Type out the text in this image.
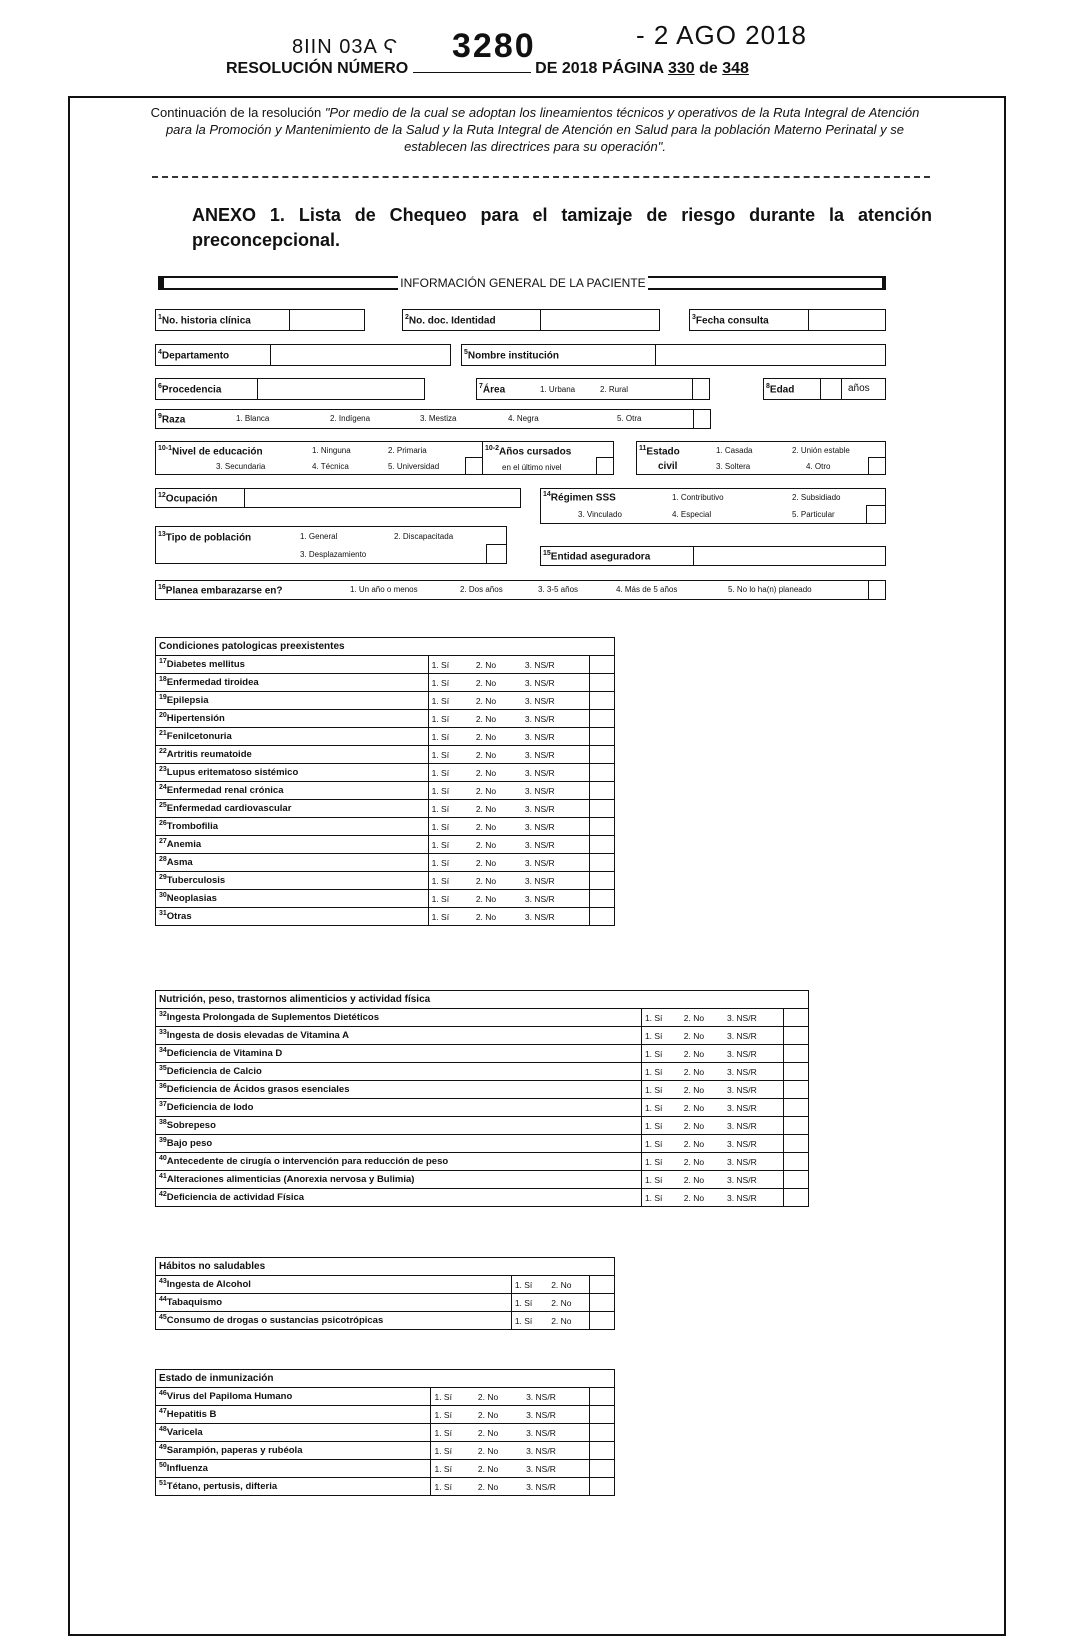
8ΙΙΝ 03Α Ϛ 3280	- 2 AGO 2018
RESOLUCIÓN NÚMERO	DE 2018 PÁGINA 330 de 348
Continuación de la resolución "Por medio de la cual se adoptan los lineamientos técnicos y operativos de la Ruta Integral de Atención para la Promoción y Mantenimiento de la Salud y la Ruta Integral de Atención en Salud para la población Materno Perinatal y se establecen las directrices para su operación".
ANEXO 1. Lista de Chequeo para el tamizaje de riesgo durante la atención preconcepcional.
INFORMACIÓN GENERAL DE LA PACIENTE
$^1$No. historia clínica	$^2$No. doc. Identidad	$^3$Fecha consulta
$^4$Departamento	$^5$Nombre institución
$^6$Procedencia	$^7$Área	1. Urbana	2. Rural	$^8$Edad	años
$^9$Raza	1. Blanca	2. Indígena	3. Mestiza	4. Negra	5. Otra
$^{10-1}$Nivel de educación	1. Ninguna	2. Primaria
3. Secundaria	4. Técnica	5. Universidad
$^{10-2}$Años cursados
en el último nivel
$^{11}$Estado
civil
1. Casada	2. Unión estable
3. Soltera	4. Otro
$^{12}$Ocupación	$^{14}$Régimen SSS	1. Contributivo	2. Subsidiado
3. Vinculado	4. Especial	5. Particular
$^{13}$Tipo de población	1. General	2. Discapacitada
3. Desplazamiento	$^{15}$Entidad aseguradora
$^{16}$Planea embarazarse en?	1. Un año o menos	2. Dos años	3. 3-5 años	4. Más de 5 años	5. No lo ha(n) planeado
Condiciones patologicas preexistentes				
$^{17}$Diabetes mellitus	1. Sí	2. No	3. NS/R	
$^{18}$Enfermedad tiroidea	1. Sí	2. No	3. NS/R	
$^{19}$Epilepsia	1. Sí	2. No	3. NS/R	
$^{20}$Hipertensión	1. Sí	2. No	3. NS/R	
$^{21}$Fenilcetonuria	1. Sí	2. No	3. NS/R	
$^{22}$Artritis reumatoide	1. Sí	2. No	3. NS/R	
$^{23}$Lupus eritematoso sistémico	1. Sí	2. No	3. NS/R	
$^{24}$Enfermedad renal crónica	1. Sí	2. No	3. NS/R	
$^{25}$Enfermedad cardiovascular	1. Sí	2. No	3. NS/R	
$^{26}$Trombofilia	1. Sí	2. No	3. NS/R	
$^{27}$Anemia	1. Sí	2. No	3. NS/R	
$^{28}$Asma	1. Sí	2. No	3. NS/R	
$^{29}$Tuberculosis	1. Sí	2. No	3. NS/R	
$^{30}$Neoplasias	1. Sí	2. No	3. NS/R	
$^{31}$Otras	1. Sí	2. No	3. NS/R	
Nutrición, peso, trastornos alimenticios y actividad física				
$^{32}$Ingesta Prolongada de Suplementos Dietéticos	1. Sí	2. No	3. NS/R	
$^{33}$Ingesta de dosis elevadas de Vitamina A	1. Sí	2. No	3. NS/R	
$^{34}$Deficiencia de Vitamina D	1. Sí	2. No	3. NS/R	
$^{35}$Deficiencia de Calcio	1. Sí	2. No	3. NS/R	
$^{36}$Deficiencia de Ácidos grasos esenciales	1. Sí	2. No	3. NS/R	
$^{37}$Deficiencia de Iodo	1. Sí	2. No	3. NS/R	
$^{38}$Sobrepeso	1. Sí	2. No	3. NS/R	
$^{39}$Bajo peso	1. Sí	2. No	3. NS/R	
$^{40}$Antecedente de cirugía o intervención para reducción de peso	1. Sí	2. No	3. NS/R	
$^{41}$Alteraciones alimenticias (Anorexia nervosa y Bulimia)	1. Sí	2. No	3. NS/R	
$^{42}$Deficiencia de actividad Física	1. Sí	2. No	3. NS/R	
Hábitos no saludables			
$^{43}$Ingesta de Alcohol	1. Sí	2. No	
$^{44}$Tabaquismo	1. Sí	2. No	
$^{45}$Consumo de drogas o sustancias psicotrópicas	1. Sí	2. No	
Estado de inmunización				
$^{46}$Virus del Papiloma Humano	1. Sí	2. No	3. NS/R	
$^{47}$Hepatitis B	1. Sí	2. No	3. NS/R	
$^{48}$Varicela	1. Sí	2. No	3. NS/R	
$^{49}$Sarampión, paperas y rubéola	1. Sí	2. No	3. NS/R	
$^{50}$Influenza	1. Sí	2. No	3. NS/R	
$^{51}$Tétano, pertusis, difteria	1. Sí	2. No	3. NS/R	
